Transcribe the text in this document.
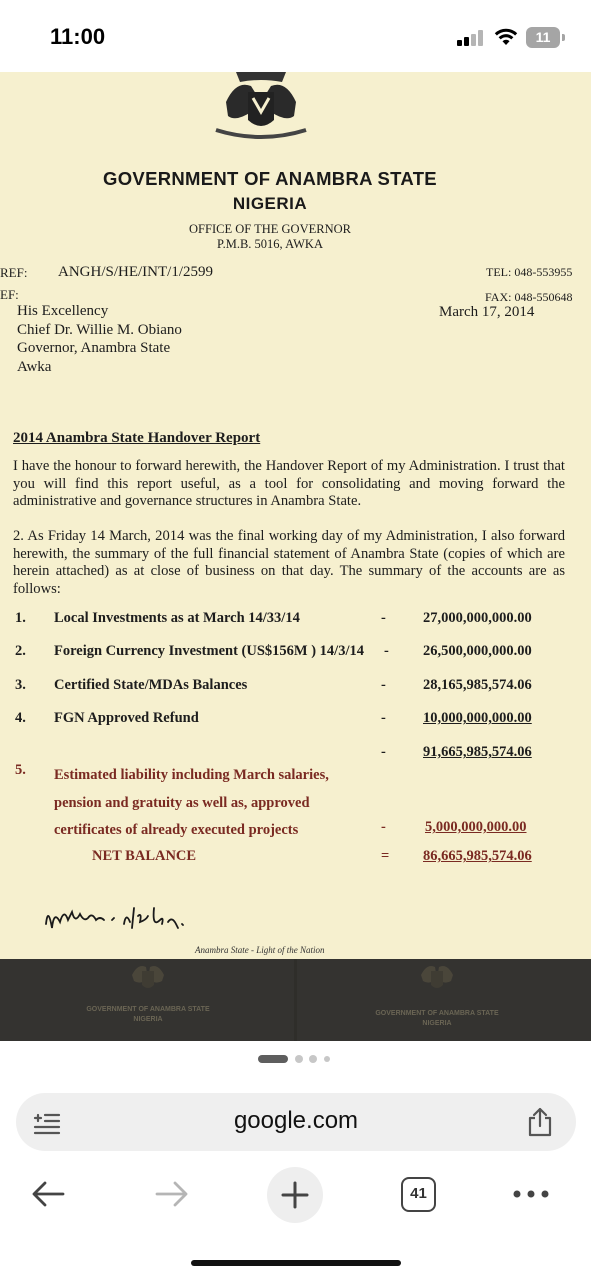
11:00	11
GOVERNMENT OF ANAMBRA STATE
NIGERIA
OFFICE OF THE GOVERNOR
P.M.B. 5016, AWKA
REF: ANGH/S/HE/INT/1/2599
EF:
TEL: 048-553955
FAX: 048-550648
March 17, 2014
His Excellency
Chief Dr. Willie M. Obiano
Governor, Anambra State
Awka
2014 Anambra State Handover Report
I have the honour to forward herewith, the Handover Report of my Administration. I trust that you will find this report useful, as a tool for consolidating and moving forward the administrative and governance structures in Anambra State.
2. As Friday 14 March, 2014 was the final working day of my Administration, I also forward herewith, the summary of the full financial statement of Anambra State (copies of which are herein attached) as at close of business on that day. The summary of the accounts are as follows:
1. Local Investments as at March 14/33/14	-	27,000,000,000.00
2. Foreign Currency Investment (US$156M ) 14/3/14 - 26,500,000,000.00
3. Certified State/MDAs Balances	-	28,165,985,574.06
4. FGN Approved Refund	-	10,000,000,000.00
-	91,665,985,574.06
5. Estimated liability including March salaries,
pension and gratuity as well as, approved
certificates of already executed projects	-	5,000,000,000.00
NET BALANCE	= 86,665,985,574.06
Anambra State - Light of the Nation
GOVERNMENT OF ANAMBRA STATE
NIGERIA
GOVERNMENT OF ANAMBRA STATE
NIGERIA
google.com
41
